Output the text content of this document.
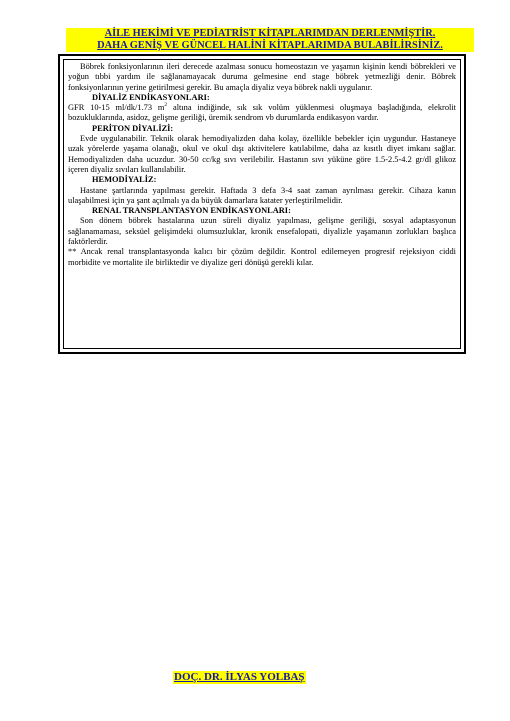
AİLE HEKİMİ VE PEDİATRİST KİTAPLARIMDAN DERLENMİŞTİR.
DAHA GENİŞ VE GÜNCEL HALİNİ KİTAPLARIMDA BULABİLİRSİNİZ.

Böbrek fonksiyonlarının ileri derecede azalması sonucu homeostazın ve yaşamın kişinin kendi böbrekleri ve yoğun tıbbi yardım ile sağlanamayacak duruma gelmesine end stage böbrek yetmezliği denir. Böbrek fonksiyonlarının yerine getirilmesi gerekir. Bu amaçla diyaliz veya böbrek nakli uygulanır.

DİYALİZ ENDİKASYONLARI:

GFR 10-15 ml/dk/1.73 $m^2$ altına indiğinde, sık sık volüm yüklenmesi oluşmaya başladığında, elekrolit bozukluklarında, asidoz, gelişme geriliği, üremik sendrom vb durumlarda endikasyon vardır.

PERİTON DİYALİZİ:

Evde uygulanabilir. Teknik olarak hemodiyalizden daha kolay, özellikle bebekler için uygundur. Hastaneye uzak yörelerde yaşama olanağı, okul ve okul dışı aktivitelere katılabilme, daha az kısıtlı diyet imkanı sağlar. Hemodiyalizden daha ucuzdur. 30-50 cc/kg sıvı verilebilir. Hastanın sıvı yüküne göre 1.5-2.5-4.2 gr/dl glikoz içeren diyaliz sıvıları kullanılabilir.

HEMODİYALİZ:

Hastane şartlarında yapılması gerekir. Haftada 3 defa 3-4 saat zaman ayrılması gerekir. Cihaza kanın ulaşabilmesi için ya şant açılmalı ya da büyük damarlara katater yerleştirilmelidir.

RENAL TRANSPLANTASYON ENDİKASYONLARI:

Son dönem böbrek hastalarına uzun süreli diyaliz yapılması, gelişme geriliği, sosyal adaptasyonun sağlanamaması, seksüel gelişimdeki olumsuzluklar, kronik ensefalopati, diyalizle yaşamanın zorlukları başlıca faktörlerdir.

** Ancak renal transplantasyonda kalıcı bir çözüm değildir. Kontrol edilemeyen progresif rejeksiyon ciddi morbidite ve mortalite ile birliktedir ve diyalize geri dönüşü gerekli kılar.

DOÇ. DR. İLYAS YOLBAŞ
